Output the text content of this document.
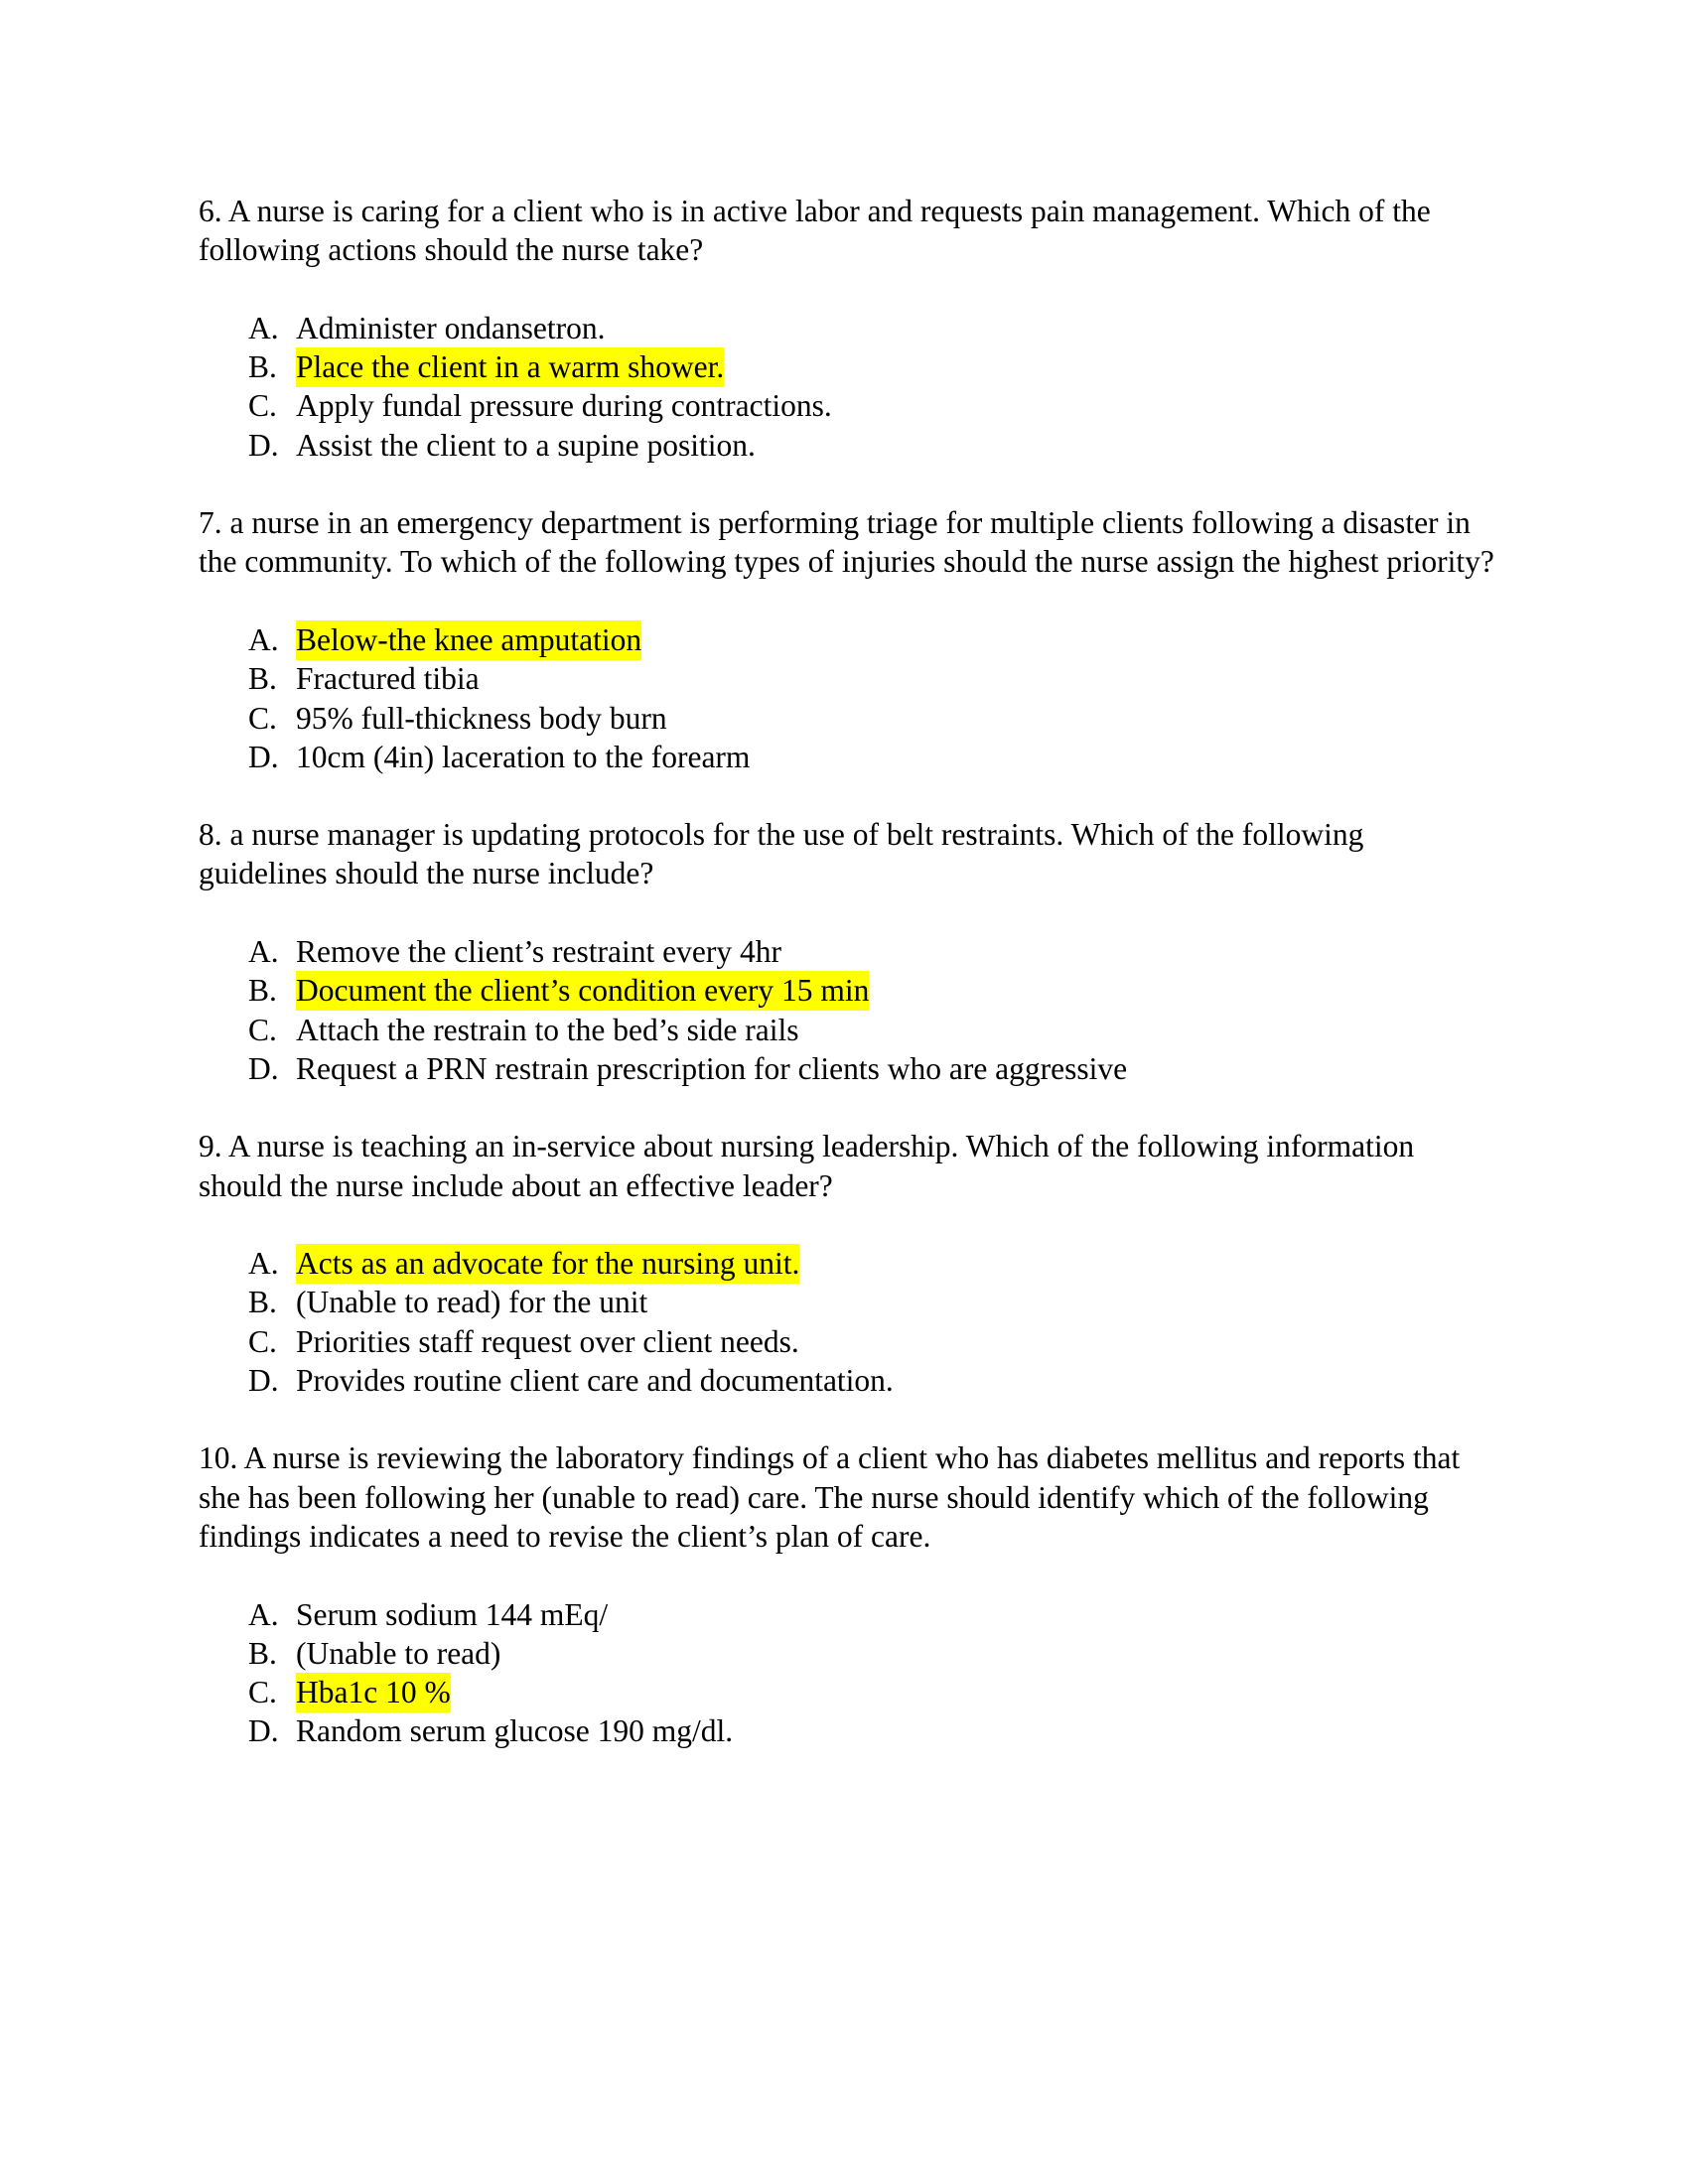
6. A nurse is caring for a client who is in active labor and requests pain management. Which of the following actions should the nurse take?

A. Administer ondansetron.
B. Place the client in a warm shower.
C. Apply fundal pressure during contractions.
D. Assist the client to a supine position.

7. a nurse in an emergency department is performing triage for multiple clients following a disaster in the community. To which of the following types of injuries should the nurse assign the highest priority?

A. Below-the knee amputation
B. Fractured tibia
C. 95% full-thickness body burn
D. 10cm (4in) laceration to the forearm

8. a nurse manager is updating protocols for the use of belt restraints. Which of the following guidelines should the nurse include?

A. Remove the client’s restraint every 4hr
B. Document the client’s condition every 15 min
C. Attach the restrain to the bed’s side rails
D. Request a PRN restrain prescription for clients who are aggressive

9. A nurse is teaching an in-service about nursing leadership. Which of the following information should the nurse include about an effective leader?

A. Acts as an advocate for the nursing unit.
B. (Unable to read) for the unit
C. Priorities staff request over client needs.
D. Provides routine client care and documentation.

10. A nurse is reviewing the laboratory findings of a client who has diabetes mellitus and reports that she has been following her (unable to read) care. The nurse should identify which of the following findings indicates a need to revise the client’s plan of care.

A. Serum sodium 144 mEq/
B. (Unable to read)
C. Hba1c 10 %
D. Random serum glucose 190 mg/dl.
